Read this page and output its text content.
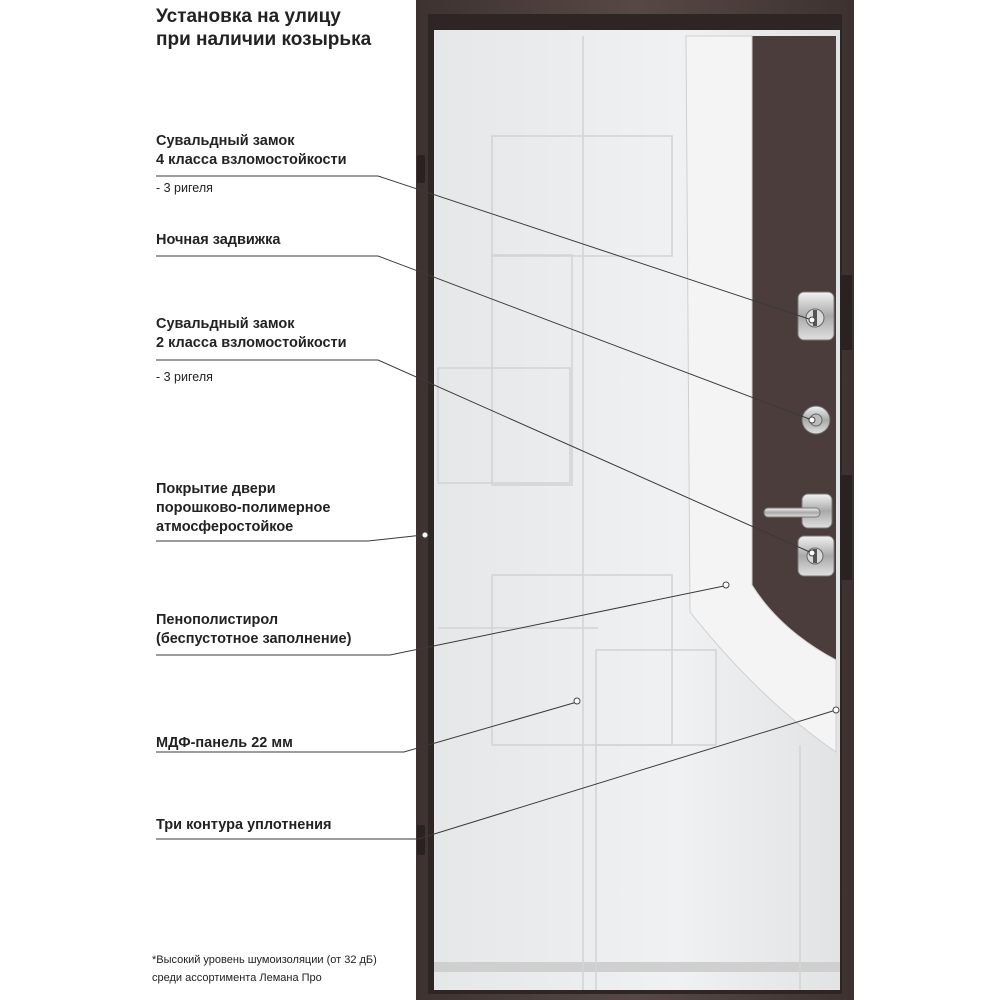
Установка на улицу
при наличии козырька
Сувальдный замок
4 класса взломостойкости
- 3 ригеля
Ночная задвижка
Сувальдный замок
2 класса взломостойкости
- 3 ригеля
Покрытие двери
порошково-полимерное
атмосферостойкое
Пенополистирол
(беспустотное заполнение)
МДФ-панель 22 мм
Три контура уплотнения
*Высокий уровень шумоизоляции (от 32 дБ)
среди ассортимента Лемана Про
